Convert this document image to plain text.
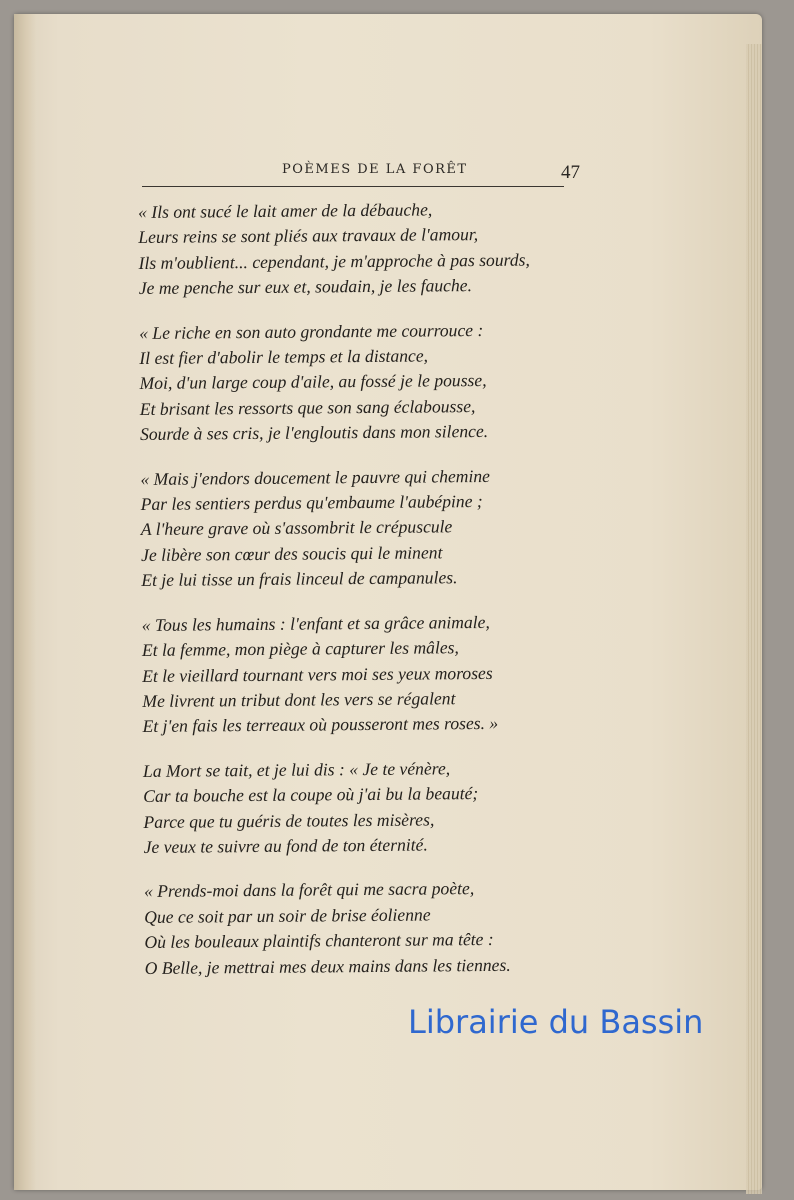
POÈMES DE LA FORÊT	47
« Ils ont sucé le lait amer de la débauche,
Leurs reins se sont pliés aux travaux de l'amour,
Ils m'oublient... cependant, je m'approche à pas sourds,
Je me penche sur eux et, soudain, je les fauche.
« Le riche en son auto grondante me courrouce :
Il est fier d'abolir le temps et la distance,
Moi, d'un large coup d'aile, au fossé je le pousse,
Et brisant les ressorts que son sang éclabousse,
Sourde à ses cris, je l'engloutis dans mon silence.
« Mais j'endors doucement le pauvre qui chemine
Par les sentiers perdus qu'embaume l'aubépine ;
A l'heure grave où s'assombrit le crépuscule
Je libère son cœur des soucis qui le minent
Et je lui tisse un frais linceul de campanules.
« Tous les humains : l'enfant et sa grâce animale,
Et la femme, mon piège à capturer les mâles,
Et le vieillard tournant vers moi ses yeux moroses
Me livrent un tribut dont les vers se régalent
Et j'en fais les terreaux où pousseront mes roses. »
La Mort se tait, et je lui dis : « Je te vénère,
Car ta bouche est la coupe où j'ai bu la beauté;
Parce que tu guéris de toutes les misères,
Je veux te suivre au fond de ton éternité.
« Prends-moi dans la forêt qui me sacra poète,
Que ce soit par un soir de brise éolienne
Où les bouleaux plaintifs chanteront sur ma tête :
O Belle, je mettrai mes deux mains dans les tiennes.
Librairie du Bassin
